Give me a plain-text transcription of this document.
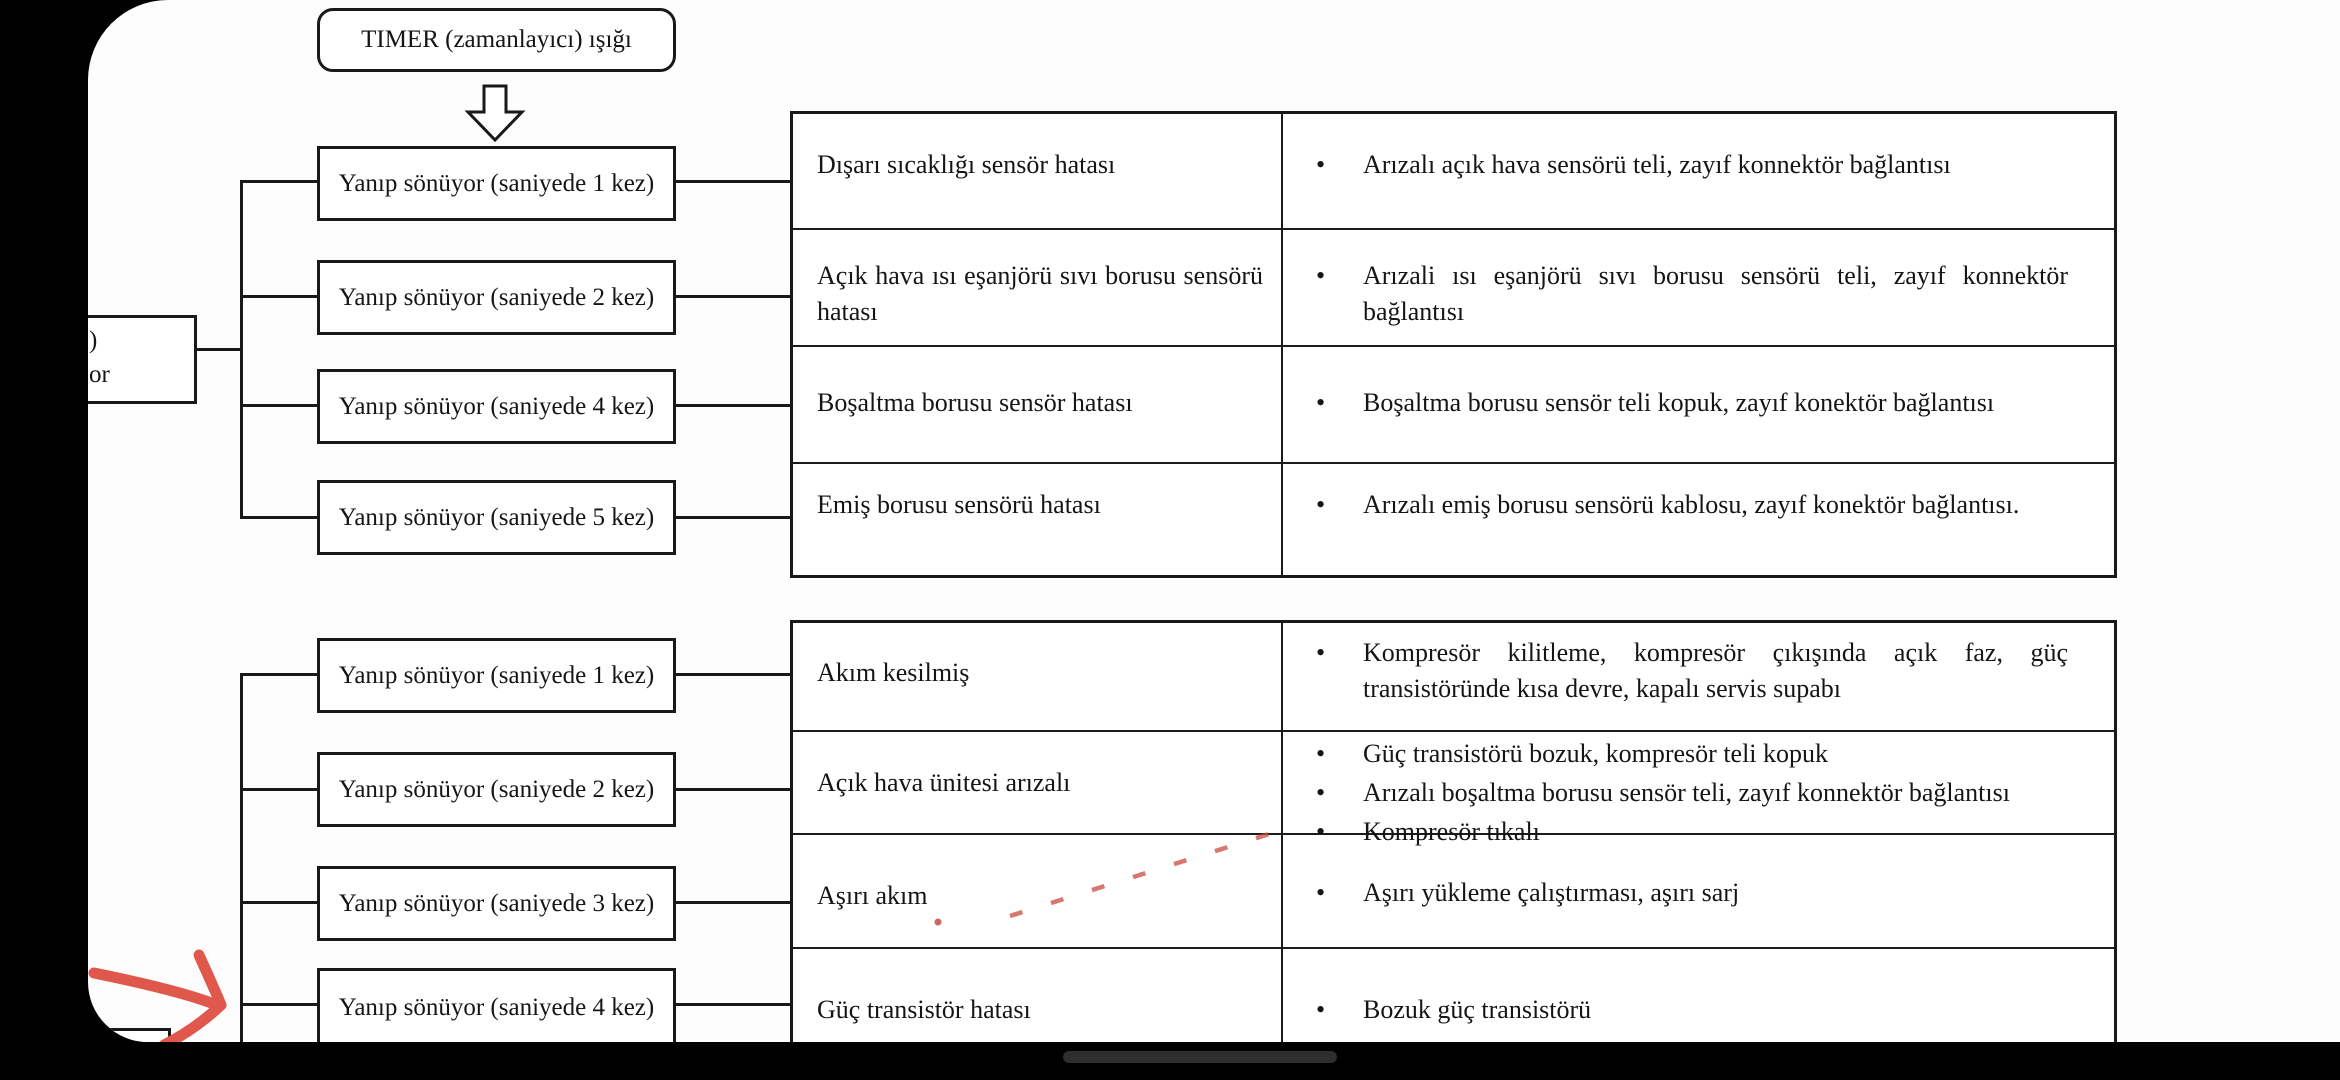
TIMER (zamanlayıcı) ışığı
)
or
Yanıp sönüyor (saniyede 1 kez)
Yanıp sönüyor (saniyede 2 kez)
Yanıp sönüyor (saniyede 4 kez)
Yanıp sönüyor (saniyede 5 kez)
Dışarı sıcaklığı sensör hatası	•	Arızalı açık hava sensörü teli, zayıf konnektör bağlantısı
Açık hava ısı eşanjörü sıvı borusu sensörü hatası
•	Arızali ısı eşanjörü sıvı borusu sensörü teli, zayıf konnektör bağlantısı
Boşaltma borusu sensör hatası	•	Boşaltma borusu sensör teli kopuk, zayıf konektör bağlantısı
Emiş borusu sensörü hatası	•	Arızalı emiş borusu sensörü kablosu, zayıf konektör bağlantısı.
Yanıp sönüyor (saniyede 1 kez)
Yanıp sönüyor (saniyede 2 kez)
Yanıp sönüyor (saniyede 3 kez)
Yanıp sönüyor (saniyede 4 kez)
Akım kesilmiş
•	Kompresör kilitleme, kompresör çıkışında açık faz, güç transistöründe kısa devre, kapalı servis supabı
Açık hava ünitesi arızalı
•	Güç transistörü bozuk, kompresör teli kopuk
•	Arızalı boşaltma borusu sensör teli, zayıf konnektör bağlantısı
•	Kompresör tıkalı
Aşırı akım	•	Aşırı yükleme çalıştırması, aşırı sarj
Güç transistör hatası	•	Bozuk güç transistörü
